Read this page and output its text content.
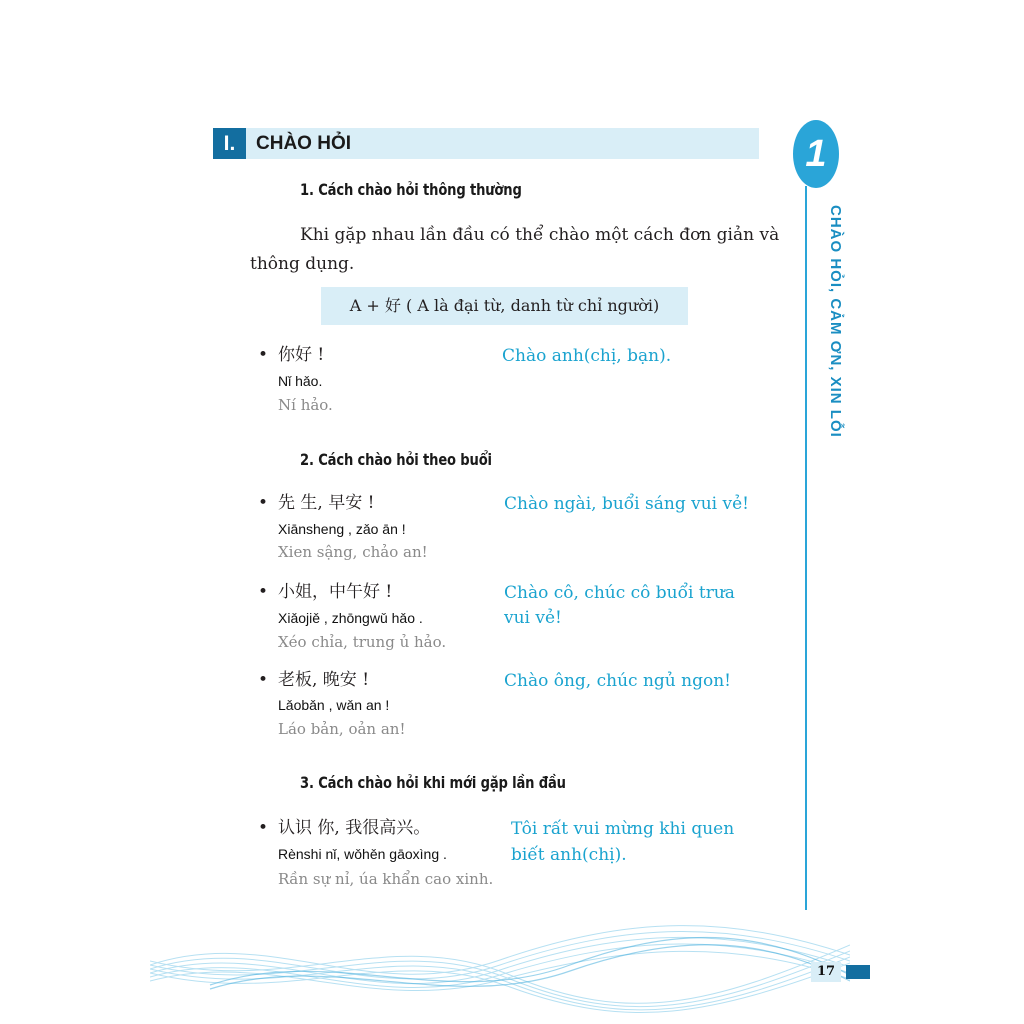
I.	CHÀO HỎI
1. Cách chào hỏi thông thường
Khi gặp nhau lần đầu có thể chào một cách đơn giản và
thông dụng.
A + 好 ( A là đại từ, danh từ chỉ người)
• 你好 !
Nǐ hǎo.
Ní hảo.
Chào anh(chị, bạn).
2. Cách chào hỏi theo buổi
• 先 生, 早安 !
Xiānsheng , zǎo ān !
Xien sậng, chảo an!
Chào ngài, buổi sáng vui vẻ!
• 小姐，中午好 !
Xiǎojiě , zhōngwǔ hǎo .
Xéo chỉa, trung ủ hảo.
Chào cô, chúc cô buổi trưa
vui vẻ!
• 老板, 晚安 !
Lǎobǎn , wǎn an !
Láo bản, oản an!
Chào ông, chúc ngủ ngon!
3. Cách chào hỏi khi mới gặp lần đầu
• 认识 你, 我很高兴。
Rènshi nǐ, wǒhěn gāoxìng .
Rần sự nỉ, úa khẩn cao xinh.
Tôi rất vui mừng khi quen
biết anh(chị).
1
CHÀO HỎI, CẢM ƠN, XIN LỖI
17
